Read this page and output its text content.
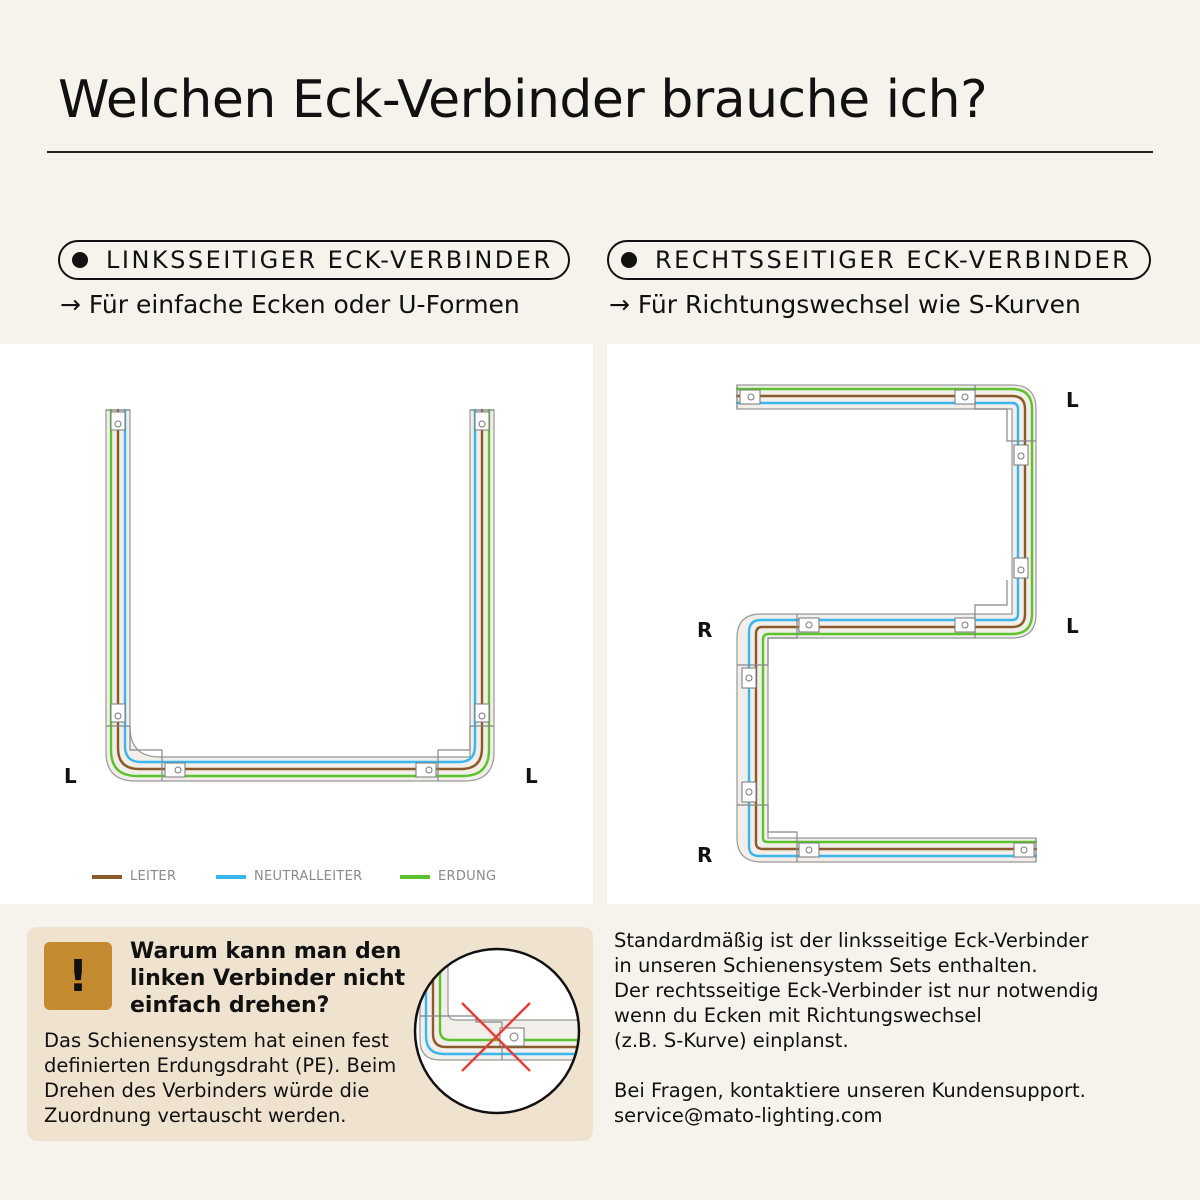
Welchen Eck-Verbinder brauche ich?
LINKSSEITIGER ECK-VERBINDER
→ Für einfache Ecken oder U-Formen
RECHTSSEITIGER ECK-VERBINDER
→ Für Richtungswechsel wie S-Kurven
L	L
LEITER	NEUTRALLEITER	ERDUNG
L
L
R
R
!	Warum kann man den linken Verbinder nicht einfach drehen?
Das Schienensystem hat einen fest definierten Erdungsdraht (PE). Beim Drehen des Verbinders würde die Zuordnung vertauscht werden.

Standardmäßig ist der linksseitige Eck-Verbinder

in unseren Schienensystem Sets enthalten.

Der rechtsseitige Eck-Verbinder ist nur notwendig

wenn du Ecken mit Richtungswechsel

(z.B. S-Kurve) einplanst.

Bei Fragen, kontaktiere unseren Kundensupport.

service@mato-lighting.com
